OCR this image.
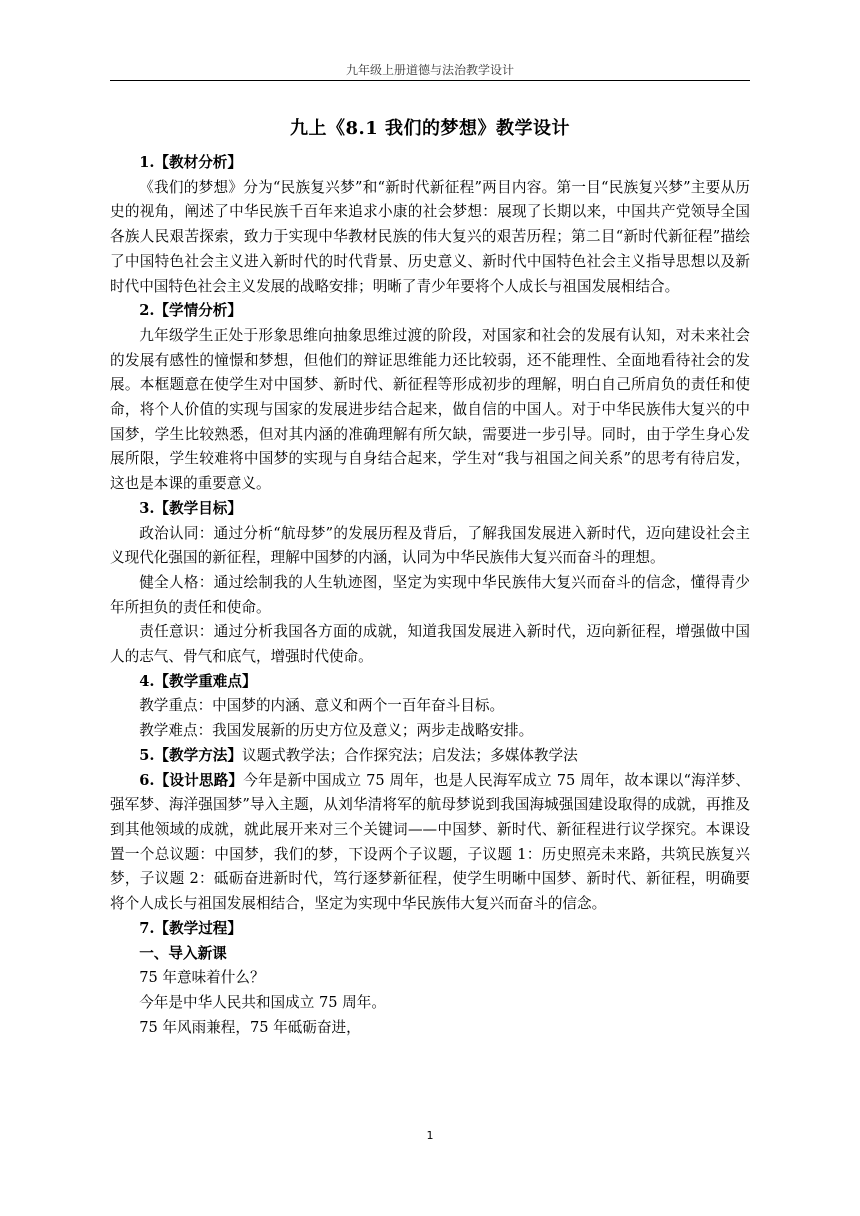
九年级上册道德与法治教学设计
九上《8.1 我们的梦想》教学设计

1.【教材分析】

《我们的梦想》分为“民族复兴梦”和“新时代新征程”两目内容。第一目“民族复兴梦”主要从历史的视角，阐述了中华民族千百年来追求小康的社会梦想：展现了长期以来，中国共产党领导全国各族人民艰苦探索，致力于实现中华教材民族的伟大复兴的艰苦历程；第二目“新时代新征程”描绘了中国特色社会主义进入新时代的时代背景、历史意义、新时代中国特色社会主义指导思想以及新时代中国特色社会主义发展的战略安排；明晰了青少年要将个人成长与祖国发展相结合。

2.【学情分析】

九年级学生正处于形象思维向抽象思维过渡的阶段，对国家和社会的发展有认知，对未来社会的发展有感性的憧憬和梦想，但他们的辩证思维能力还比较弱，还不能理性、全面地看待社会的发展。本框题意在使学生对中国梦、新时代、新征程等形成初步的理解，明白自己所肩负的责任和使命，将个人价值的实现与国家的发展进步结合起来，做自信的中国人。对于中华民族伟大复兴的中国梦，学生比较熟悉，但对其内涵的准确理解有所欠缺，需要进一步引导。同时，由于学生身心发展所限，学生较难将中国梦的实现与自身结合起来，学生对“我与祖国之间关系”的思考有待启发，这也是本课的重要意义。

3.【教学目标】

政治认同：通过分析“航母梦”的发展历程及背后，了解我国发展进入新时代，迈向建设社会主义现代化强国的新征程，理解中国梦的内涵，认同为中华民族伟大复兴而奋斗的理想。

健全人格：通过绘制我的人生轨迹图，坚定为实现中华民族伟大复兴而奋斗的信念，懂得青少年所担负的责任和使命。

责任意识：通过分析我国各方面的成就，知道我国发展进入新时代，迈向新征程，增强做中国人的志气、骨气和底气，增强时代使命。

4.【教学重难点】

教学重点：中国梦的内涵、意义和两个一百年奋斗目标。

教学难点：我国发展新的历史方位及意义；两步走战略安排。

5.【教学方法】议题式教学法；合作探究法；启发法；多媒体教学法

6.【设计思路】今年是新中国成立 75 周年，也是人民海军成立 75 周年，故本课以“海洋梦、强军梦、海洋强国梦”导入主题，从刘华清将军的航母梦说到我国海城强国建设取得的成就，再推及到其他领域的成就，就此展开来对三个关键词——中国梦、新时代、新征程进行议学探究。本课设置一个总议题：中国梦，我们的梦，下设两个子议题，子议题 1：历史照亮未来路，共筑民族复兴梦，子议题 2：砥砺奋进新时代，笃行逐梦新征程，使学生明晰中国梦、新时代、新征程，明确要将个人成长与祖国发展相结合，坚定为实现中华民族伟大复兴而奋斗的信念。

7.【教学过程】

一、导入新课

75 年意味着什么？

今年是中华人民共和国成立 75 周年。

75 年风雨兼程，75 年砥砺奋进，

1
